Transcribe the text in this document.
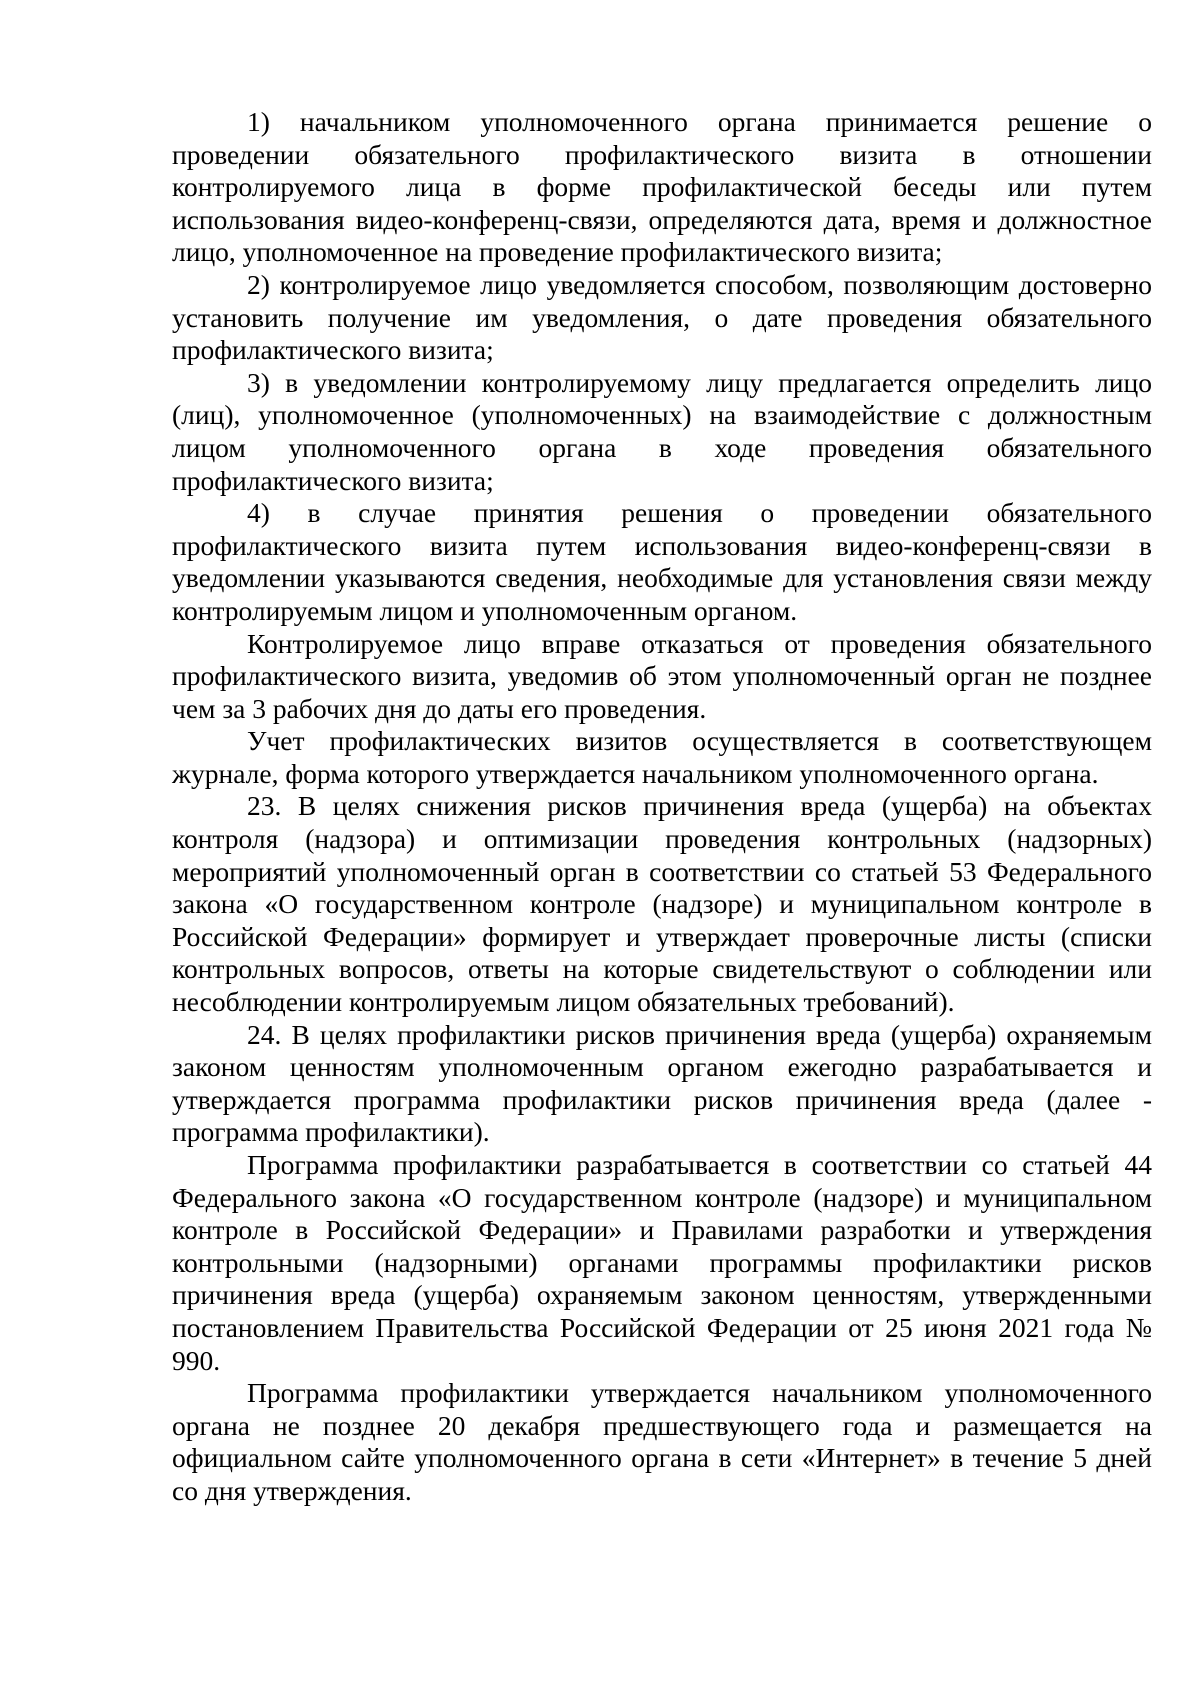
1) начальником уполномоченного органа принимается решение о проведении обязательного профилактического визита в отношении контролируемого лица в форме профилактической беседы или путем использования видео-конференц-связи, определяются дата, время и должностное лицо, уполномоченное на проведение профилактического визита;

2) контролируемое лицо уведомляется способом, позволяющим достоверно установить получение им уведомления, о дате проведения обязательного профилактического визита;

3) в уведомлении контролируемому лицу предлагается определить лицо (лиц), уполномоченное (уполномоченных) на взаимодействие с должностным лицом уполномоченного органа в ходе проведения обязательного профилактического визита;

4) в случае принятия решения о проведении обязательного профилактического визита путем использования видео-конференц-связи в уведомлении указываются сведения, необходимые для установления связи между контролируемым лицом и уполномоченным органом.

Контролируемое лицо вправе отказаться от проведения обязательного профилактического визита, уведомив об этом уполномоченный орган не позднее чем за 3 рабочих дня до даты его проведения.

Учет профилактических визитов осуществляется в соответствующем журнале, форма которого утверждается начальником уполномоченного органа.

23. В целях снижения рисков причинения вреда (ущерба) на объектах контроля (надзора) и оптимизации проведения контрольных (надзорных) мероприятий уполномоченный орган в соответствии со статьей 53 Федерального закона «О государственном контроле (надзоре) и муниципальном контроле в Российской Федерации» формирует и утверждает проверочные листы (списки контрольных вопросов, ответы на которые свидетельствуют о соблюдении или несоблюдении контролируемым лицом обязательных требований).

24. В целях профилактики рисков причинения вреда (ущерба) охраняемым законом ценностям уполномоченным органом ежегодно разрабатывается и утверждается программа профилактики рисков причинения вреда (далее - программа профилактики).

Программа профилактики разрабатывается в соответствии со статьей 44 Федерального закона «О государственном контроле (надзоре) и муниципальном контроле в Российской Федерации» и Правилами разработки и утверждения контрольными (надзорными) органами программы профилактики рисков причинения вреда (ущерба) охраняемым законом ценностям, утвержденными постановлением Правительства Российской Федерации от 25 июня 2021 года № 990.

Программа профилактики утверждается начальником уполномоченного органа не позднее 20 декабря предшествующего года и размещается на официальном сайте уполномоченного органа в сети «Интернет» в течение 5 дней со дня утверждения.
